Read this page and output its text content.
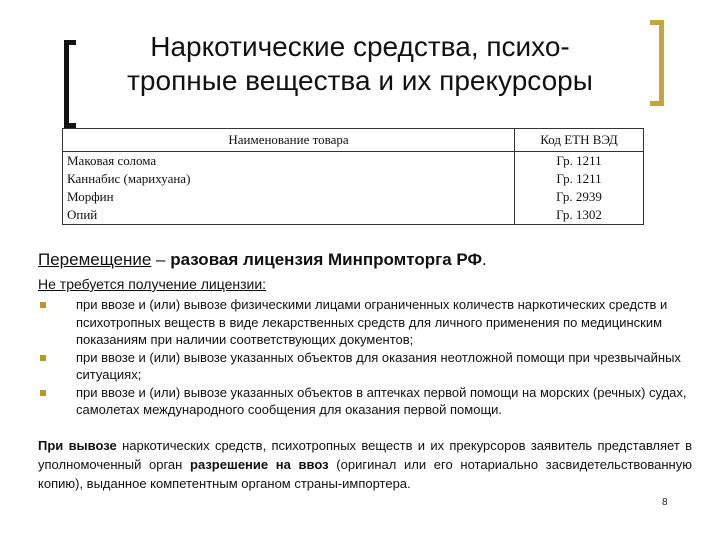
Наркотические средства, психо-
тропные вещества и их прекурсоры
Наименование товара	Код ЕТН ВЭД
Маковая солома	Гр. 1211
Каннабис (марихуана)	Гр. 1211
Морфин	Гр. 2939
Опий	Гр. 1302
Перемещение – разовая лицензия Минпромторга РФ.
Не требуется получение лицензии:
при ввозе и (или) вывозе физическими лицами ограниченных количеств наркотических средств и психотропных веществ в виде лекарственных средств для личного применения по медицинским показаниям при наличии соответствующих документов;
при ввозе и (или) вывозе указанных объектов для оказания неотложной помощи при чрезвычайных ситуациях;
при ввозе и (или) вывозе указанных объектов в аптечках первой помощи на морских (речных) судах, самолетах международного сообщения для оказания первой помощи.
При вывозе наркотических средств, психотропных веществ и их прекурсоров заявитель представляет в уполномоченный орган разрешение на ввоз (оригинал или его нотариально засвидетельствованную копию), выданное компетентным органом страны-импортера.
8
